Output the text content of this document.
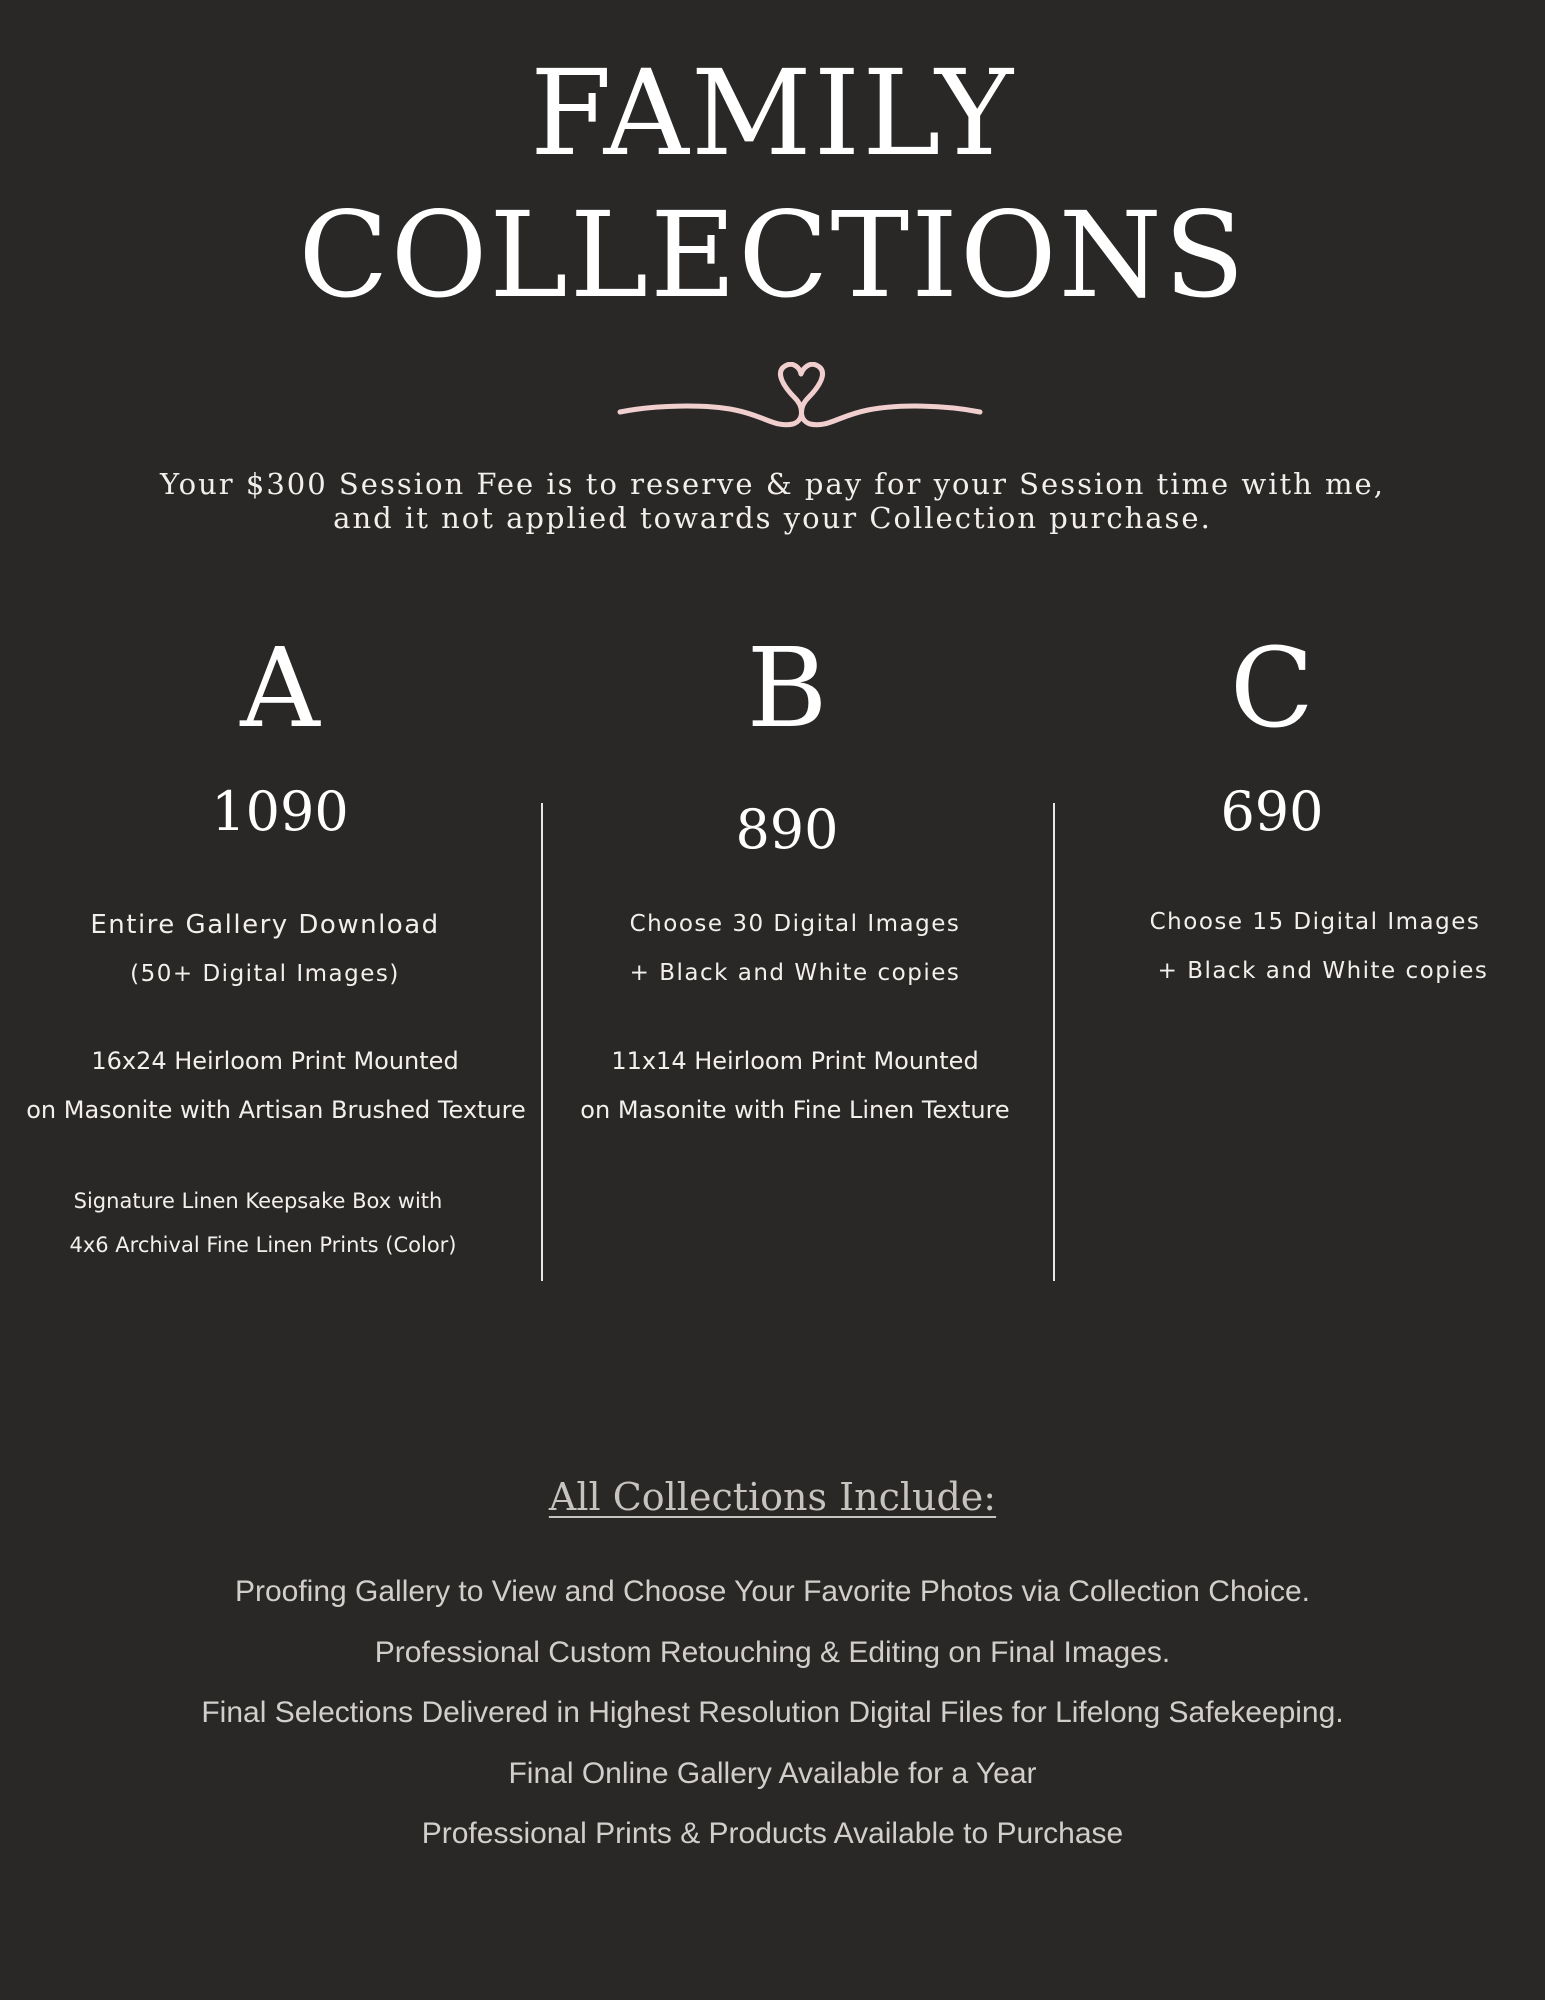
FAMILY
COLLECTIONS
Your $300 Session Fee is to reserve & pay for your Session time with me,
and it not applied towards your Collection purchase.
A
1090
Entire Gallery Download
(50+ Digital Images)
16x24 Heirloom Print Mounted
on Masonite with Artisan Brushed Texture
Signature Linen Keepsake Box with
4x6 Archival Fine Linen Prints (Color)
B
890
Choose 30 Digital Images
+ Black and White copies
11x14 Heirloom Print Mounted
on Masonite with Fine Linen Texture
C
690
Choose 15 Digital Images
+ Black and White copies
All Collections Include:
Proofing Gallery to View and Choose Your Favorite Photos via Collection Choice.
Professional Custom Retouching & Editing on Final Images.
Final Selections Delivered in Highest Resolution Digital Files for Lifelong Safekeeping.
Final Online Gallery Available for a Year
Professional Prints & Products Available to Purchase
